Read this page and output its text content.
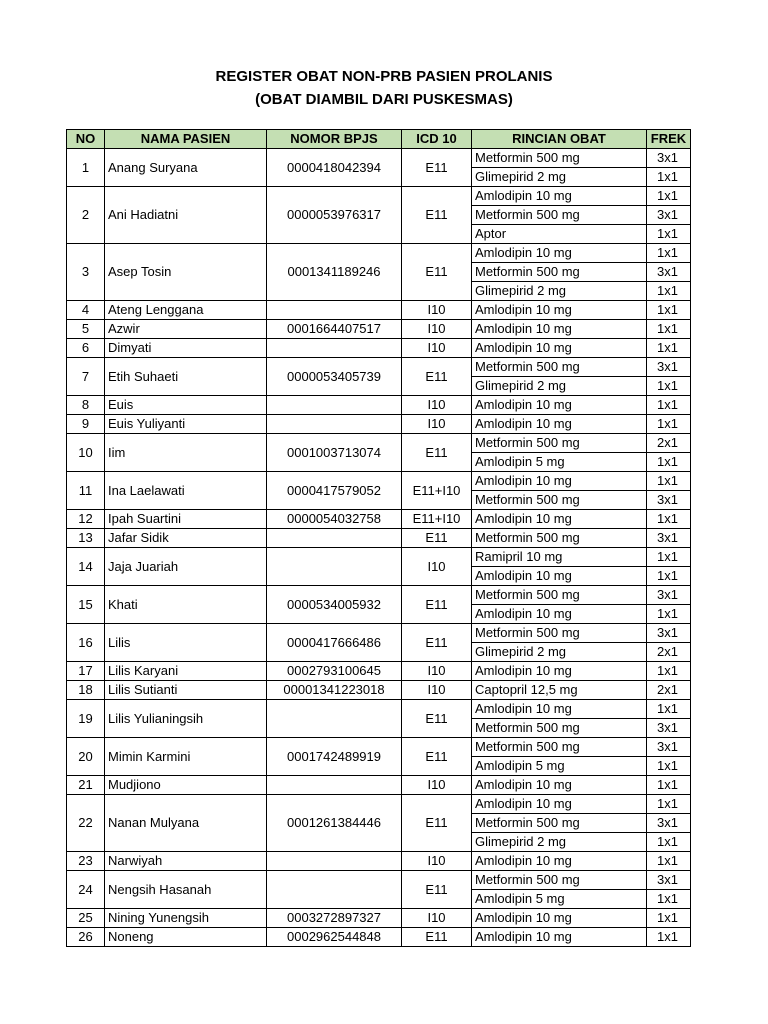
REGISTER OBAT NON-PRB PASIEN PROLANIS
(OBAT DIAMBIL DARI PUSKESMAS)
NO	NAMA PASIEN	NOMOR BPJS	ICD 10	RINCIAN OBAT	FREK
1	Anang Suryana	0000418042394	E11	Metformin 500 mg	3x1
				Glimepirid 2 mg	1x1
2	Ani Hadiatni	0000053976317	E11	Amlodipin 10 mg	1x1
				Metformin 500 mg	3x1
				Aptor	1x1
3	Asep Tosin	0001341189246	E11	Amlodipin 10 mg	1x1
				Metformin 500 mg	3x1
				Glimepirid 2 mg	1x1
4	Ateng Lenggana		I10	Amlodipin 10 mg	1x1
5	Azwir	0001664407517	I10	Amlodipin 10 mg	1x1
6	Dimyati		I10	Amlodipin 10 mg	1x1
7	Etih Suhaeti	0000053405739	E11	Metformin 500 mg	3x1
				Glimepirid 2 mg	1x1
8	Euis		I10	Amlodipin 10 mg	1x1
9	Euis Yuliyanti		I10	Amlodipin 10 mg	1x1
10	Iim	0001003713074	E11	Metformin 500 mg	2x1
				Amlodipin 5 mg	1x1
11	Ina Laelawati	0000417579052	E11+I10	Amlodipin 10 mg	1x1
				Metformin 500 mg	3x1
12	Ipah Suartini	0000054032758	E11+I10	Amlodipin 10 mg	1x1
13	Jafar Sidik		E11	Metformin 500 mg	3x1
14	Jaja Juariah		I10	Ramipril 10 mg	1x1
				Amlodipin 10 mg	1x1
15	Khati	0000534005932	E11	Metformin 500 mg	3x1
				Amlodipin 10 mg	1x1
16	Lilis	0000417666486	E11	Metformin 500 mg	3x1
				Glimepirid 2 mg	2x1
17	Lilis Karyani	0002793100645	I10	Amlodipin 10 mg	1x1
18	Lilis Sutianti	00001341223018	I10	Captopril 12,5 mg	2x1
19	Lilis Yulianingsih		E11	Amlodipin 10 mg	1x1
				Metformin 500 mg	3x1
20	Mimin Karmini	0001742489919	E11	Metformin 500 mg	3x1
				Amlodipin 5 mg	1x1
21	Mudjiono		I10	Amlodipin 10 mg	1x1
22	Nanan Mulyana	0001261384446	E11	Amlodipin 10 mg	1x1
				Metformin 500 mg	3x1
				Glimepirid 2 mg	1x1
23	Narwiyah		I10	Amlodipin 10 mg	1x1
24	Nengsih Hasanah		E11	Metformin 500 mg	3x1
				Amlodipin 5 mg	1x1
25	Nining Yunengsih	0003272897327	I10	Amlodipin 10 mg	1x1
26	Noneng	0002962544848	E11	Amlodipin 10 mg	1x1
